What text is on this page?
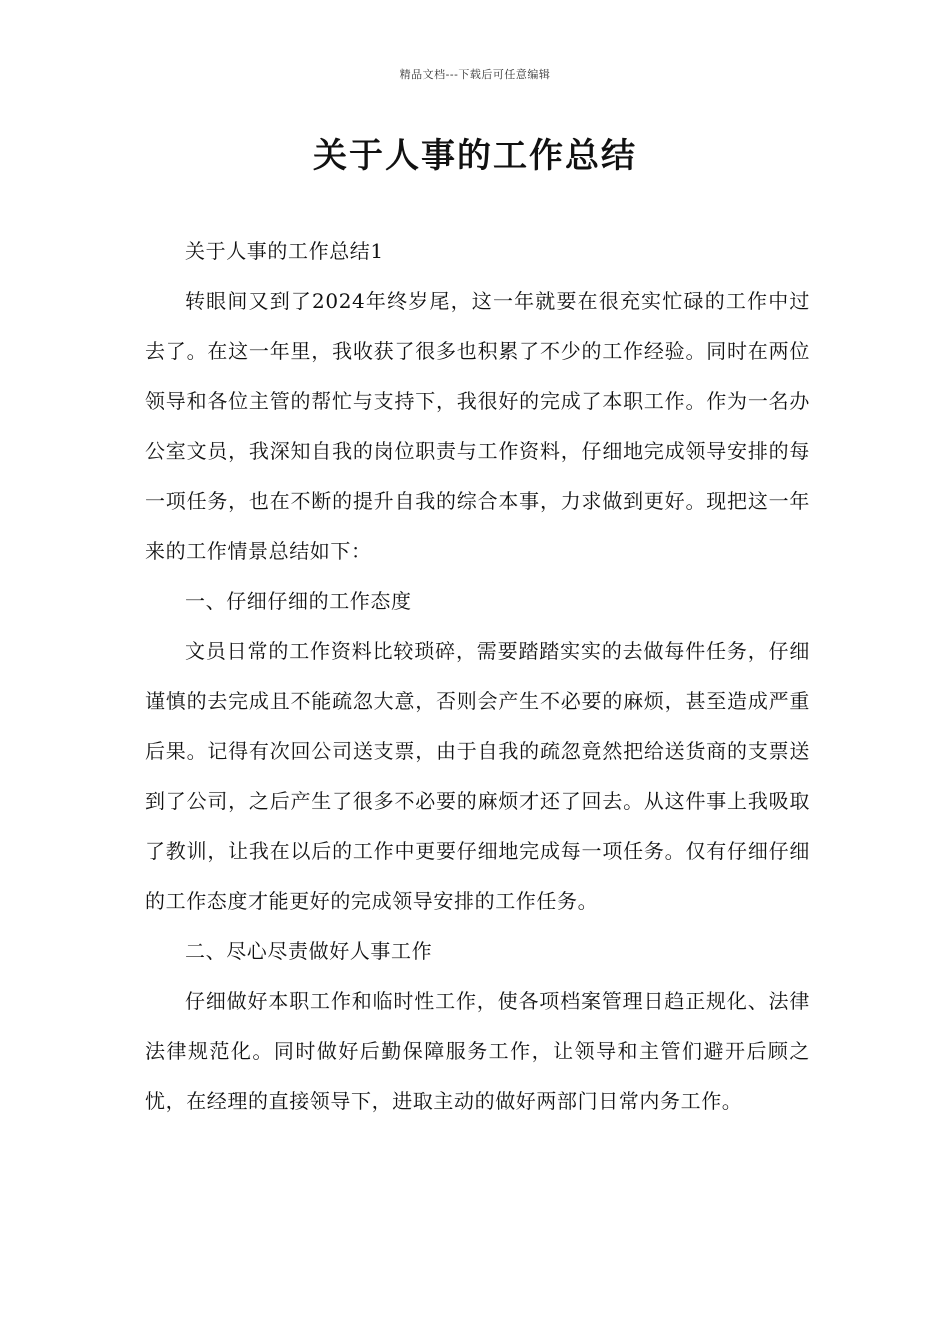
精品文档---下载后可任意编辑
关于人事的工作总结

关于人事的工作总结1

转眼间又到了2024年终岁尾，这一年就要在很充实忙碌的工作中过去了。在这一年里，我收获了很多也积累了不少的工作经验。同时在两位领导和各位主管的帮忙与支持下，我很好的完成了本职工作。作为一名办公室文员，我深知自我的岗位职责与工作资料，仔细地完成领导安排的每一项任务，也在不断的提升自我的综合本事，力求做到更好。现把这一年来的工作情景总结如下：

一、仔细仔细的工作态度

文员日常的工作资料比较琐碎，需要踏踏实实的去做每件任务，仔细谨慎的去完成且不能疏忽大意，否则会产生不必要的麻烦，甚至造成严重后果。记得有次回公司送支票，由于自我的疏忽竟然把给送货商的支票送到了公司，之后产生了很多不必要的麻烦才还了回去。从这件事上我吸取了教训，让我在以后的工作中更要仔细地完成每一项任务。仅有仔细仔细的工作态度才能更好的完成领导安排的工作任务。

二、尽心尽责做好人事工作

仔细做好本职工作和临时性工作，使各项档案管理日趋正规化、法律法律规范化。同时做好后勤保障服务工作，让领导和主管们避开后顾之忧，在经理的直接领导下，进取主动的做好两部门日常内务工作。
